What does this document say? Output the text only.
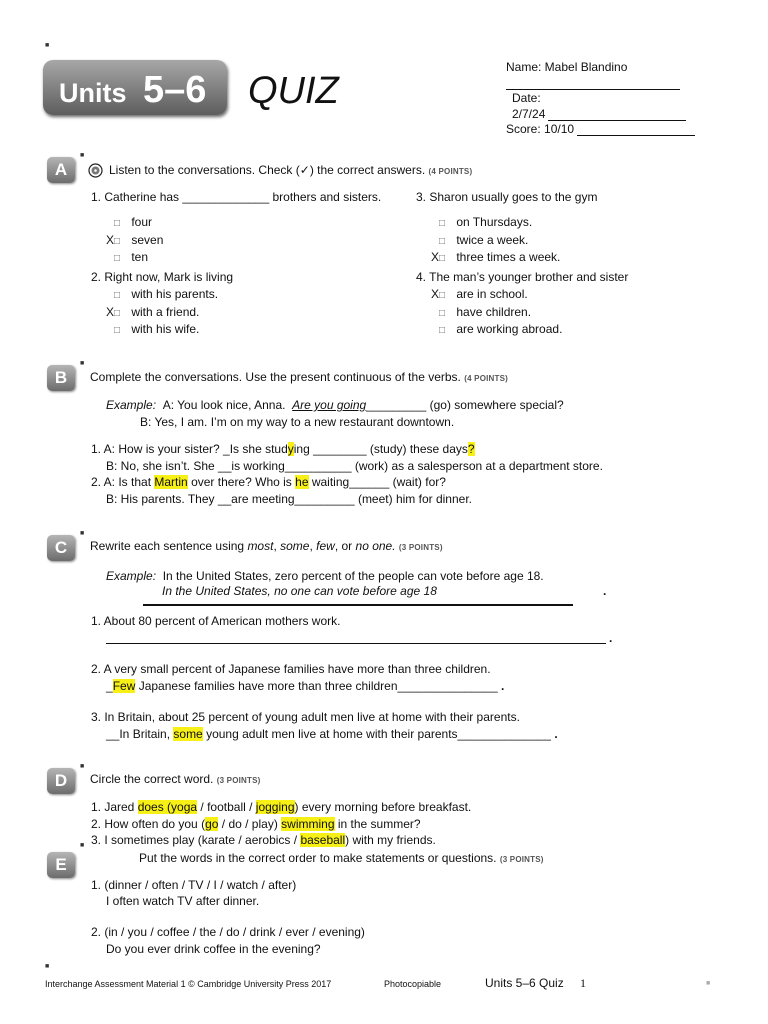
■
Units 5–6 QUIZ
Name: Mabel Blandino
Date:
2/7/24
Score: 10/10
■
A	Listen to the conversations. Check (✓) the correct answers. (4 POINTS)
1. Catherine has _____________ brothers and sisters.
□ four
X□ seven
□ ten
2. Right now, Mark is living
□ with his parents.
X□ with a friend.
□ with his wife.
3. Sharon usually goes to the gym
□ on Thursdays.
□ twice a week.
X□ three times a week.
4. The man’s younger brother and sister
X□ are in school.
□ have children.
□ are working abroad.
■
B	Complete the conversations. Use the present continuous of the verbs. (4 POINTS)
Example: A: You look nice, Anna. Are you going_________ (go) somewhere special?
B: Yes, I am. I’m on my way to a new restaurant downtown.
1. A: How is your sister? _Is she studying ________ (study) these days?
B: No, she isn’t. She __is working__________ (work) as a salesperson at a department store.
2. A: Is that Martin over there? Who is he waiting______ (wait) for?
B: His parents. They __are meeting_________ (meet) him for dinner.
■
C	Rewrite each sentence using most, some, few, or no one. (3 POINTS)
Example: In the United States, zero percent of the people can vote before age 18.
In the United States, no one can vote before age 18	.
1. About 80 percent of American mothers work.
.
2. A very small percent of Japanese families have more than three children.
_Few Japanese families have more than three children_______________ .
3. In Britain, about 25 percent of young adult men live at home with their parents.
__In Britain, some young adult men live at home with their parents______________ .
■
D	Circle the correct word. (3 POINTS)
1. Jared does (yoga / football / jogging) every morning before breakfast.
2. How often do you (go / do / play) swimming in the summer?
3. I sometimes play (karate / aerobics / baseball) with my friends.
■
E	Put the words in the correct order to make statements or questions. (3 POINTS)
1. (dinner / often / TV / I / watch / after)
I often watch TV after dinner.
2. (in / you / coffee / the / do / drink / ever / evening)
Do you ever drink coffee in the evening?
■
Interchange Assessment Material 1 © Cambridge University Press 2017	Photocopiable	Units 5–6 Quiz 1	■
